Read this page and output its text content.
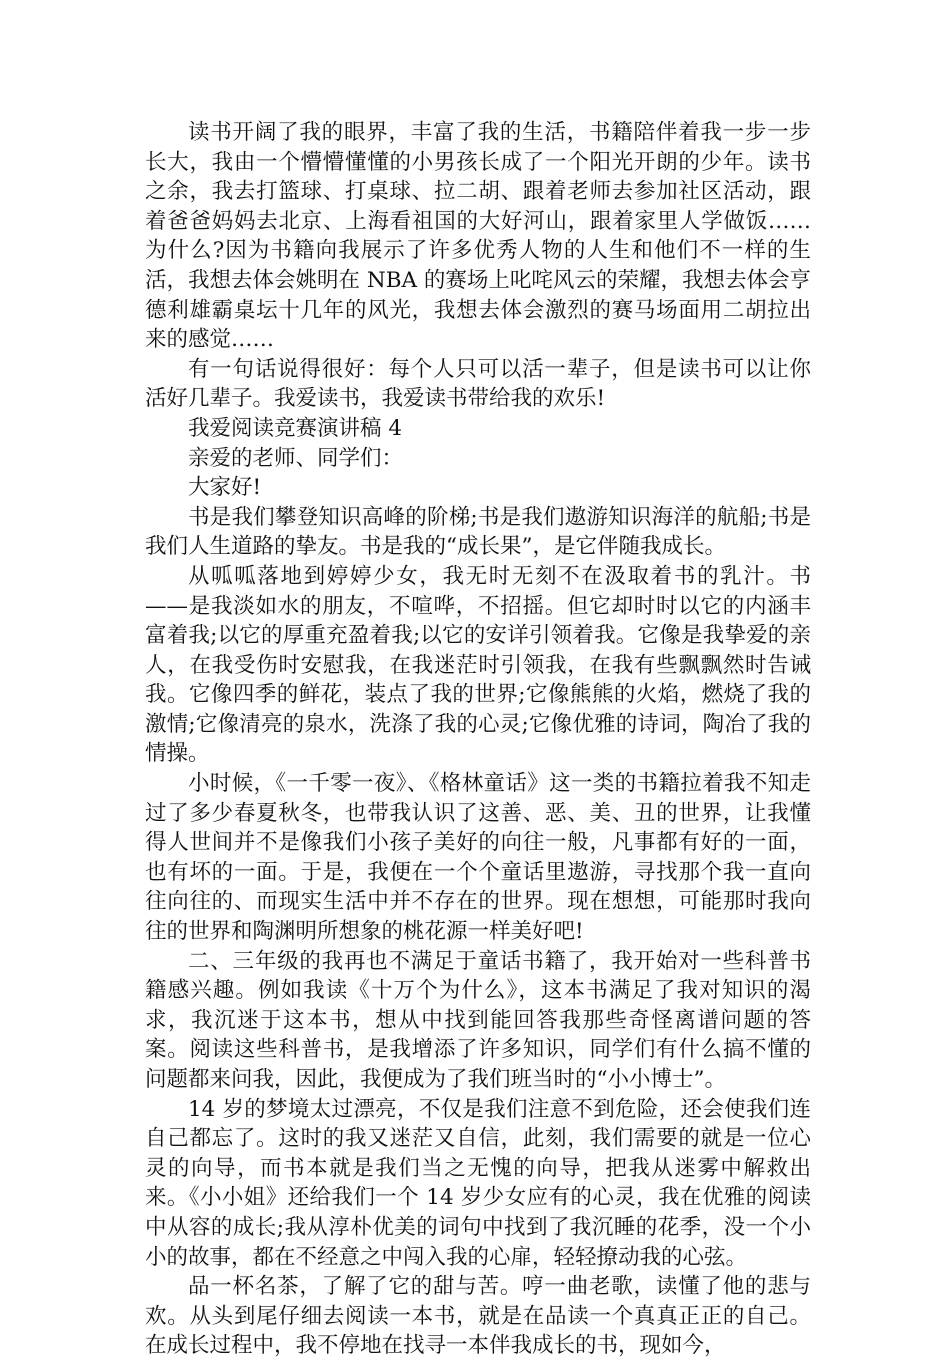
读书开阔了我的眼界，丰富了我的生活，书籍陪伴着我一步一步长大，我由一个懵懵懂懂的小男孩长成了一个阳光开朗的少年。读书之余，我去打篮球、打桌球、拉二胡、跟着老师去参加社区活动，跟着爸爸妈妈去北京、上海看祖国的大好河山，跟着家里人学做饭……为什么?因为书籍向我展示了许多优秀人物的人生和他们不一样的生活，我想去体会姚明在 NBA 的赛场上叱咤风云的荣耀，我想去体会亨德利雄霸桌坛十几年的风光，我想去体会激烈的赛马场面用二胡拉出来的感觉……

有一句话说得很好：每个人只可以活一辈子，但是读书可以让你活好几辈子。我爱读书，我爱读书带给我的欢乐!

我爱阅读竞赛演讲稿 4

亲爱的老师、同学们：

大家好!

书是我们攀登知识高峰的阶梯;书是我们遨游知识海洋的航船;书是我们人生道路的挚友。书是我的“成长果”，是它伴随我成长。

从呱呱落地到婷婷少女，我无时无刻不在汲取着书的乳汁。书——是我淡如水的朋友，不喧哗，不招摇。但它却时时以它的内涵丰富着我;以它的厚重充盈着我;以它的安详引领着我。它像是我挚爱的亲人，在我受伤时安慰我，在我迷茫时引领我，在我有些飘飘然时告诫我。它像四季的鲜花，装点了我的世界;它像熊熊的火焰，燃烧了我的激情;它像清亮的泉水，洗涤了我的心灵;它像优雅的诗词，陶冶了我的情操。

小时候，《一千零一夜》、《格林童话》这一类的书籍拉着我不知走过了多少春夏秋冬，也带我认识了这善、恶、美、丑的世界，让我懂得人世间并不是像我们小孩子美好的向往一般，凡事都有好的一面，也有坏的一面。于是，我便在一个个童话里遨游，寻找那个我一直向往向往的、而现实生活中并不存在的世界。现在想想，可能那时我向往的世界和陶渊明所想象的桃花源一样美好吧!

二、三年级的我再也不满足于童话书籍了，我开始对一些科普书籍感兴趣。例如我读《十万个为什么》，这本书满足了我对知识的渴求，我沉迷于这本书，想从中找到能回答我那些奇怪离谱问题的答案。阅读这些科普书，是我增添了许多知识，同学们有什么搞不懂的问题都来问我，因此，我便成为了我们班当时的“小小博士”。

14 岁的梦境太过漂亮，不仅是我们注意不到危险，还会使我们连自己都忘了。这时的我又迷茫又自信，此刻，我们需要的就是一位心灵的向导，而书本就是我们当之无愧的向导，把我从迷雾中解救出来。《小小姐》还给我们一个 14 岁少女应有的心灵，我在优雅的阅读中从容的成长;我从淳朴优美的词句中找到了我沉睡的花季，没一个小小的故事，都在不经意之中闯入我的心扉，轻轻撩动我的心弦。

品一杯名茶，了解了它的甜与苦。哼一曲老歌，读懂了他的悲与欢。从头到尾仔细去阅读一本书，就是在品读一个真真正正的自己。在成长过程中，我不停地在找寻一本伴我成长的书，现如今，
